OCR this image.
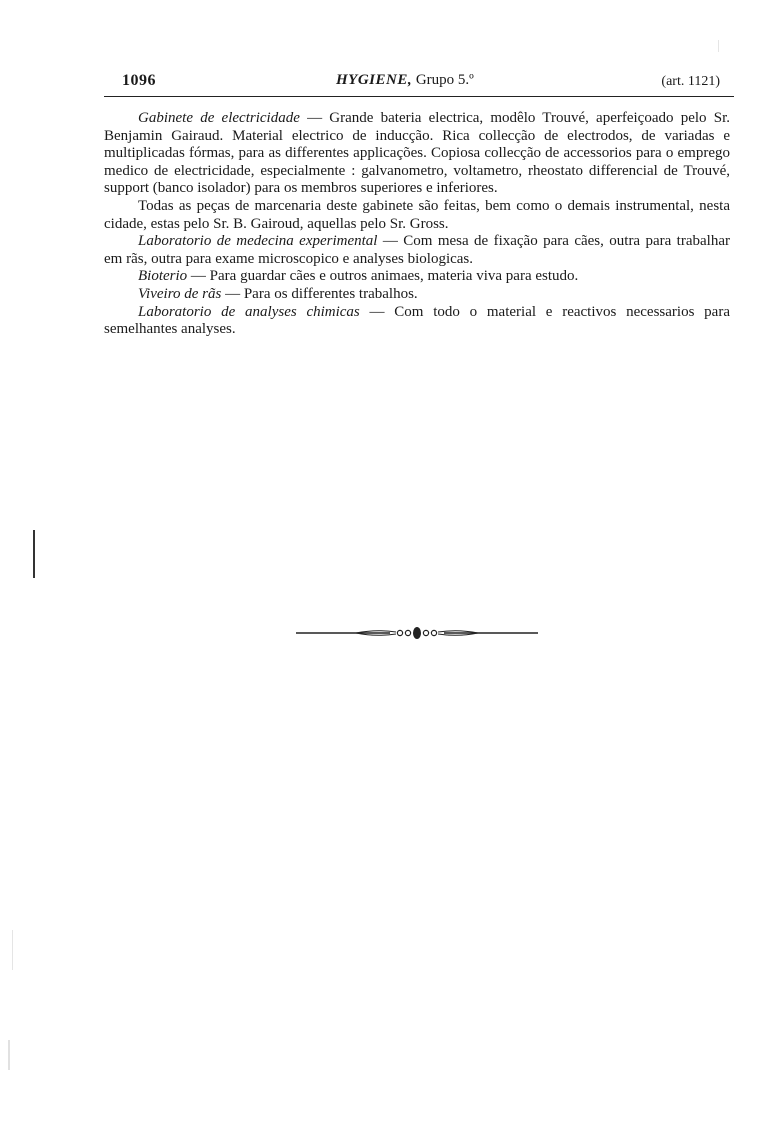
1096	HYGIENE, Grupo 5.º	(art. 1121)

Gabinete de electricidade — Grande bateria electrica, modêlo Trouvé, aperfeiçoado pelo Sr. Benjamin Gairaud. Material electrico de inducção. Rica collecção de electrodos, de variadas e multiplicadas fórmas, para as differentes applicações. Copiosa collecção de accessorios para o emprego medico de electricidade, especialmente : galvanometro, voltametro, rheostato differencial de Trouvé, support (banco isolador) para os membros superiores e inferiores.

Todas as peças de marcenaria deste gabinete são feitas, bem como o demais instrumental, nesta cidade, estas pelo Sr. B. Gairoud, aquellas pelo Sr. Gross.

Laboratorio de medecina experimental — Com mesa de fixação para cães, outra para trabalhar em rãs, outra para exame microscopico e analyses biologicas.

Bioterio — Para guardar cães e outros animaes, materia viva para estudo.

Viveiro de rãs — Para os differentes trabalhos.

Laboratorio de analyses chimicas — Com todo o material e reactivos necessarios para semelhantes analyses.
